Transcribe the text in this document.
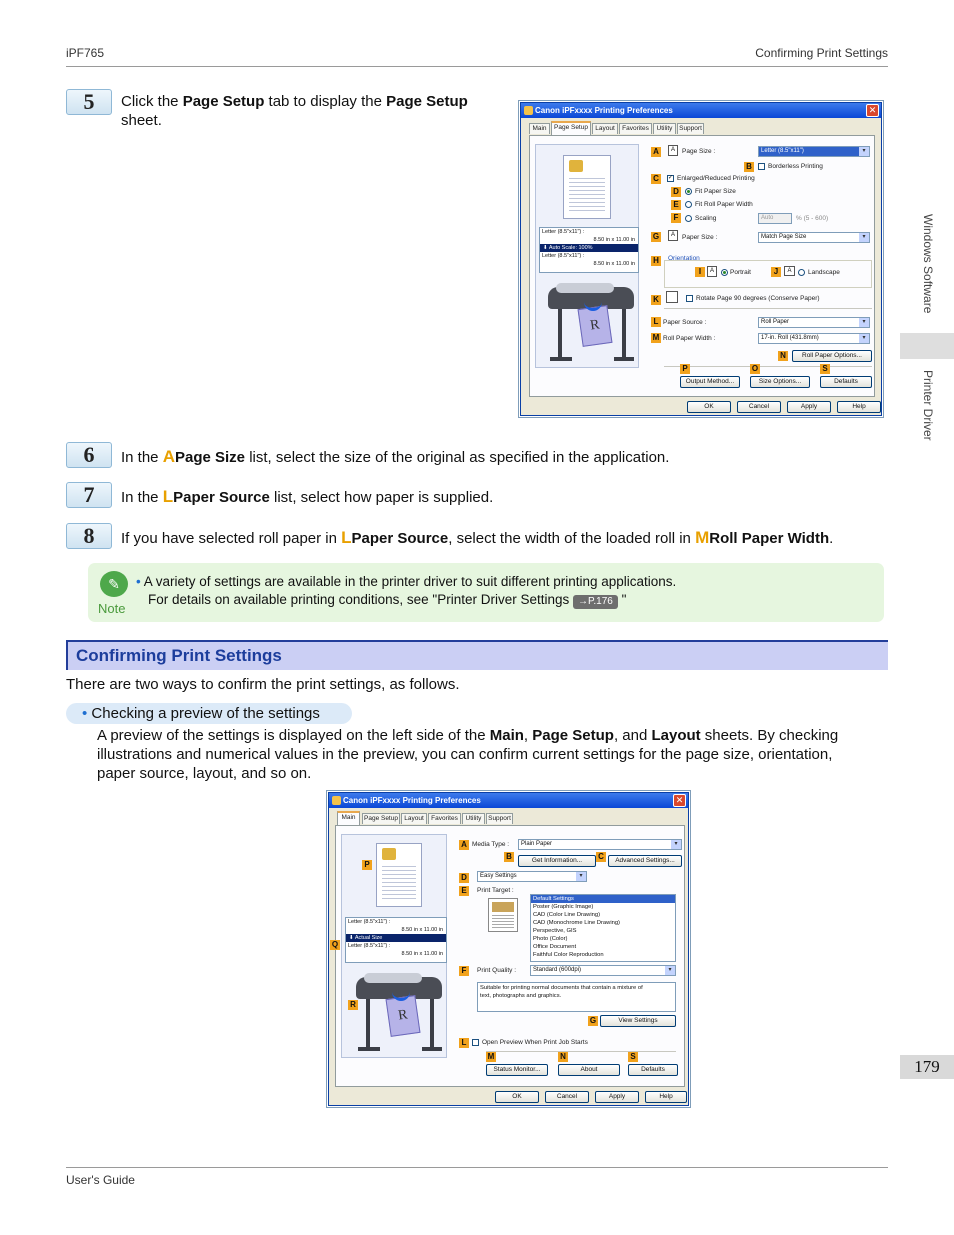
iPF765	Confirming Print Settings
User's Guide
Windows Software
Printer Driver
179
5	Click the Page Setup tab to display the Page Setup sheet.
Canon iPFxxxx Printing Preferences	✕
Main	Page Setup	Layout	Favorites	Utility	Support
Letter (8.5"x11") :
8.50 in x 11.00 in
⬇ Auto Scale: 100%
Letter (8.5"x11") :
8.50 in x 11.00 in
R
A	A	Page Size :	Letter (8.5"x11")	▾
B	Borderless Printing
C	✓ Enlarged/Reduced Printing
D	Fit Paper Size
E	Fit Roll Paper Width
F	Scaling	Auto	% (5 - 600)
G	A	Paper Size :	Match Page Size	▾
H	Orientation
I	A	Portrait	J	A	Landscape
K	Rotate Page 90 degrees (Conserve Paper)
L Paper Source :	Roll Paper	▾
M Roll Paper Width :	17-in. Roll (431.8mm)	▾
N	Roll Paper Options...
P	O	S
Output Method...	Size Options...	Defaults
OK	Cancel	Apply	Help
6	In the APage Size list, select the size of the original as specified in the application.
7	In the LPaper Source list, select how paper is supplied.
8	If you have selected roll paper in LPaper Source, select the width of the loaded roll in MRoll Paper Width.
✎
Note
• A variety of settings are available in the printer driver to suit different printing applications.
For details on available printing conditions, see "Printer Driver Settings →P.176 "
Confirming Print Settings
There are two ways to confirm the print settings, as follows.
• Checking a preview of the settings
A preview of the settings is displayed on the left side of the Main, Page Setup, and Layout sheets. By checking
illustrations and numerical values in the preview, you can confirm current settings for the page size, orientation,
paper source, layout, and so on.
Canon iPFxxxx Printing Preferences	✕
Main	Page Setup Layout	Favorites	Utility	Support
P
Letter (8.5"x11") :
8.50 in x 11.00 in
⬇ Actual Size
Letter (8.5"x11") :
8.50 in x 11.00 in
R
Q
R
A Media Type :	Plain Paper	▾
B	Get Information...	C	Advanced Settings...
D	Easy Settings	▾
E	Print Target :
Default Settings
Poster (Graphic Image)
CAD (Color Line Drawing)
CAD (Monochrome Line Drawing)
Perspective, GIS
Photo (Color)
Office Document
Faithful Color Reproduction
F	Print Quality :	Standard (600dpi)	▾
Suitable for printing normal documents that contain a mixture of
text, photographs and graphics.
G	View Settings
L	Open Preview When Print Job Starts
M	N	S
Status Monitor...	About	Defaults
OK	Cancel	Apply	Help
